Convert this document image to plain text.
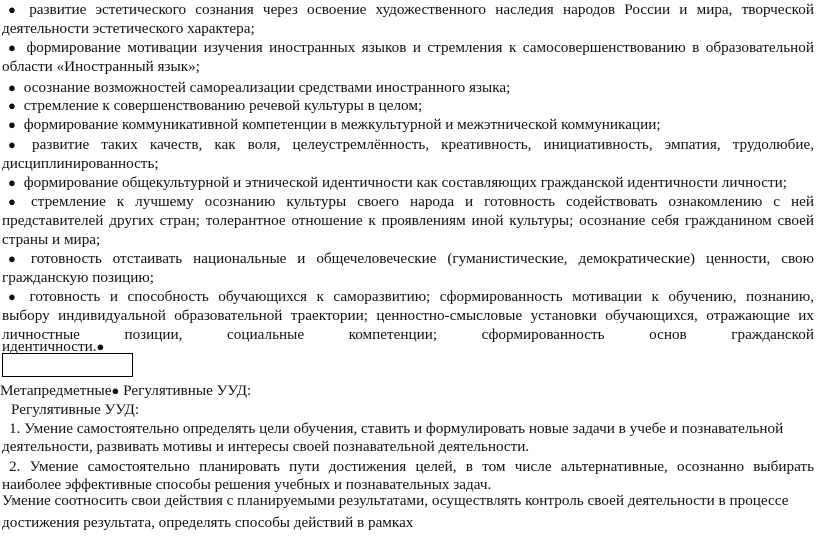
● развитие эстетического сознания через освоение художественного наследия народов России и мира, творческой
деятельности эстетического характера;
● формирование мотивации изучения иностранных языков и стремления к самосовершенствованию в образовательной
области «Иностранный язык»;
● осознание возможностей самореализации средствами иностранного языка;
● стремление к совершенствованию речевой культуры в целом;
● формирование коммуникативной компетенции в межкультурной и межэтнической коммуникации;
● развитие таких качеств, как воля, целеустремлённость, креативность, инициативность, эмпатия, трудолюбие,
дисциплинированность;
● формирование общекультурной и этнической идентичности как составляющих гражданской идентичности личности;
● стремление к лучшему осознанию культуры своего народа и готовность содействовать ознакомлению с ней
представителей других стран; толерантное отношение к проявлениям иной культуры; осознание себя гражданином своей
страны и мира;
● готовность отстаивать национальные и общечеловеческие (гуманистические, демократические) ценности, свою
гражданскую позицию;
● готовность и способность обучающихся к саморазвитию; сформированность мотивации к обучению, познанию,
выбору индивидуальной образовательной траектории; ценностно-смысловые установки обучающихся, отражающие их
личностные позиции, социальные компетенции; сформированность основ гражданской
идентичности.●
Метапредметные● Регулятивные УУД:
Регулятивные УУД:
1. Умение самостоятельно определять цели обучения, ставить и формулировать новые задачи в учебе и познавательной
деятельности, развивать мотивы и интересы своей познавательной деятельности.
2. Умение самостоятельно планировать пути достижения целей, в том числе альтернативные, осознанно выбирать
наиболее эффективные способы решения учебных и познавательных задач.
Умение соотносить свои действия с планируемыми результатами, осуществлять контроль своей деятельности в процессе
достижения результата, определять способы действий в рамках
